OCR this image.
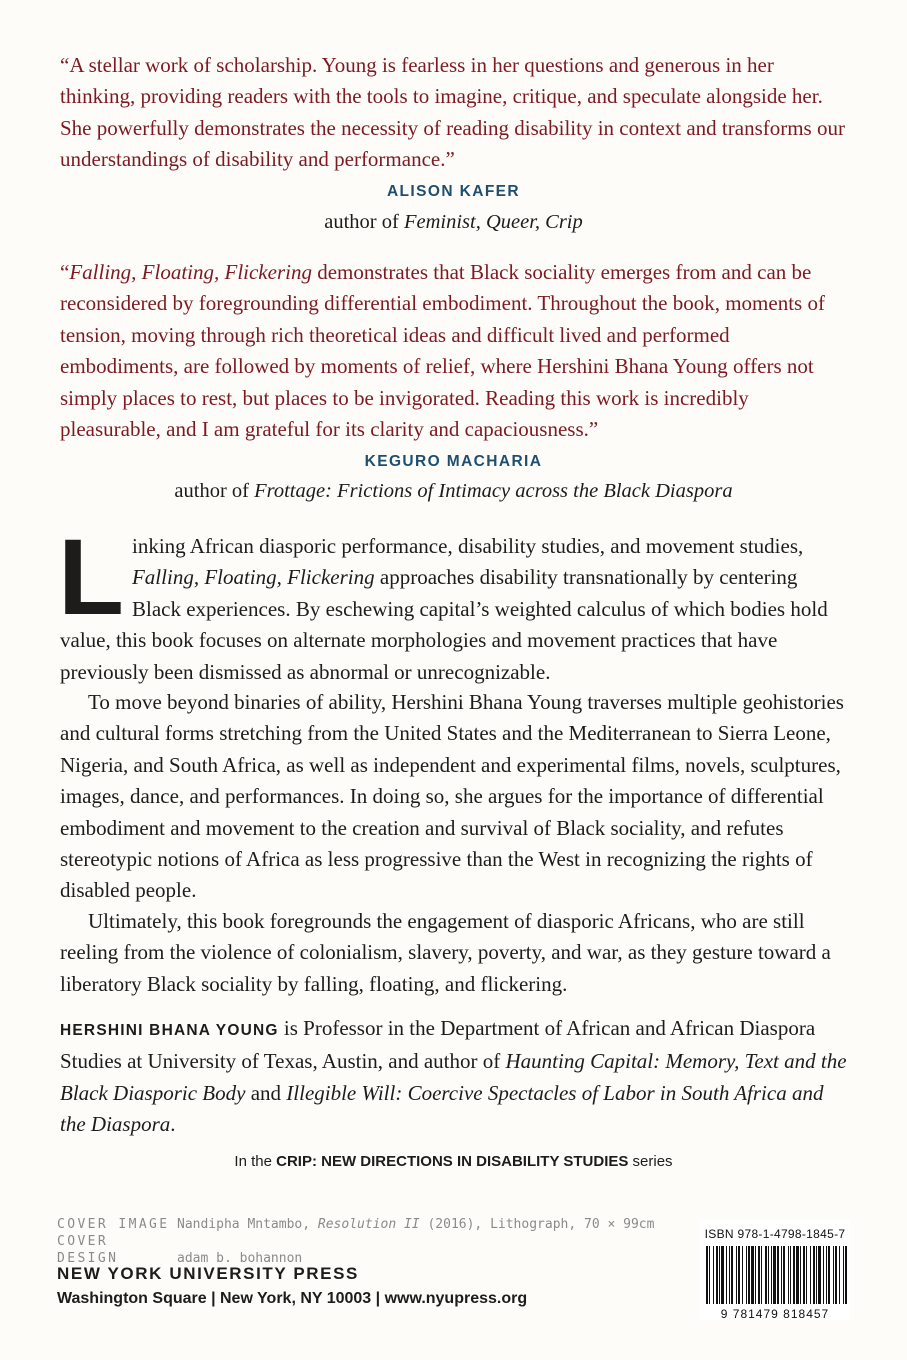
“A stellar work of scholarship. Young is fearless in her questions and generous in her thinking, providing readers with the tools to imagine, critique, and speculate alongside her. She powerfully demonstrates the necessity of reading disability in context and transforms our understandings of disability and performance.”

ALISON KAFER
author of Feminist, Queer, Crip

“Falling, Floating, Flickering demonstrates that Black sociality emerges from and can be reconsidered by foregrounding differential embodiment. Throughout the book, moments of tension, moving through rich theoretical ideas and difficult lived and performed embodiments, are followed by moments of relief, where Hershini Bhana Young offers not simply places to rest, but places to be invigorated. Reading this work is incredibly pleasurable, and I am grateful for its clarity and capaciousness.”

KEGURO MACHARIA
author of Frottage: Frictions of Intimacy across the Black Diaspora

Linking African diasporic performance, disability studies, and movement studies, Falling, Floating, Flickering approaches disability transnationally by centering Black experiences. By eschewing capital’s weighted calculus of which bodies hold value, this book focuses on alternate morphologies and movement practices that have previously been dismissed as abnormal or unrecognizable.

To move beyond binaries of ability, Hershini Bhana Young traverses multiple geohistories and cultural forms stretching from the United States and the Mediterranean to Sierra Leone, Nigeria, and South Africa, as well as independent and experimental films, novels, sculptures, images, dance, and performances. In doing so, she argues for the importance of differential embodiment and movement to the creation and survival of Black sociality, and refutes stereotypic notions of Africa as less progressive than the West in recognizing the rights of disabled people.

Ultimately, this book foregrounds the engagement of diasporic Africans, who are still reeling from the violence of colonialism, slavery, poverty, and war, as they gesture toward a liberatory Black sociality by falling, floating, and flickering.

HERSHINI BHANA YOUNG is Professor in the Department of African and African Diaspora Studies at University of Texas, Austin, and author of Haunting Capital: Memory, Text and the Black Diasporic Body and Illegible Will: Coercive Spectacles of Labor in South Africa and the Diaspora.

In the CRIP: NEW DIRECTIONS IN DISABILITY STUDIES series
COVER IMAGE Nandipha Mntambo, Resolution II (2016), Lithograph, 70 × 99cm
COVER DESIGN	adam b. bohannon
NEW YORK UNIVERSITY PRESS
Washington Square | New York, NY 10003 | www.nyupress.org
ISBN 978-1-4798-1845-7
9 781479 818457
